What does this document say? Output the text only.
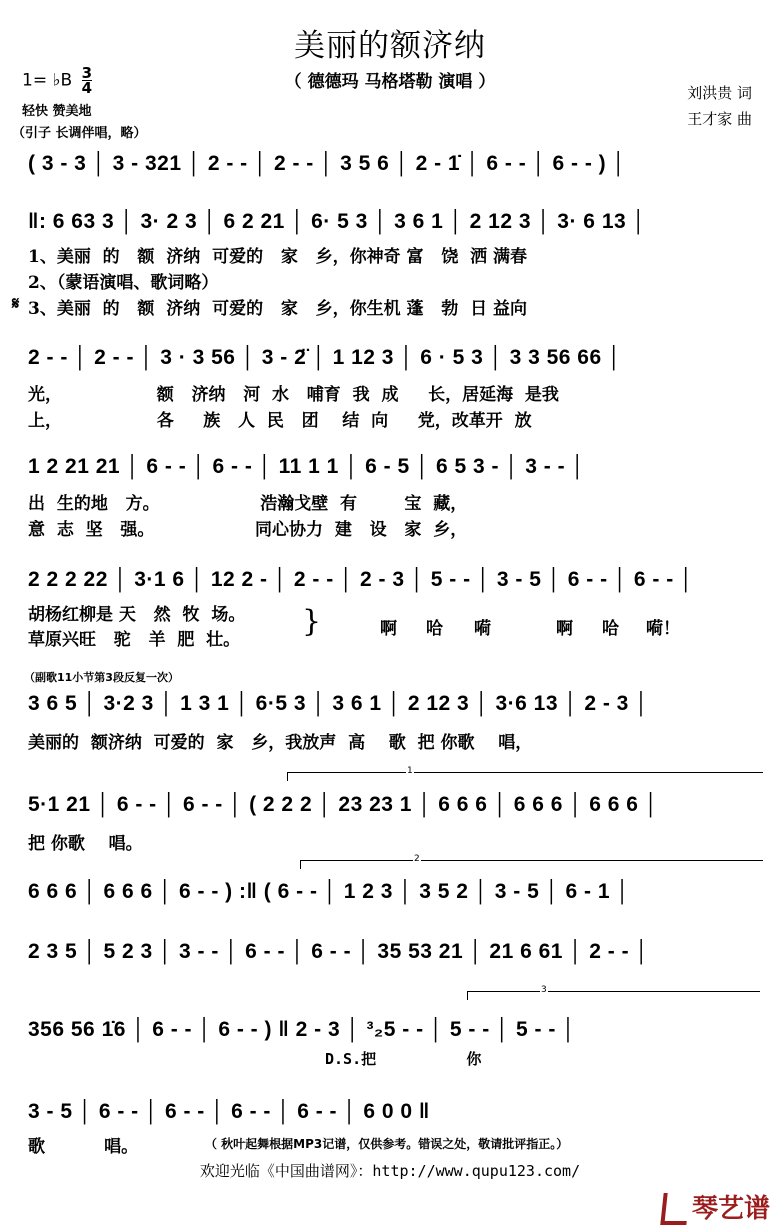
美丽的额济纳
（ 德德玛 马格塔勒 演唱 ）
1= ♭B $\frac{3}{4}$
轻快 赞美地
（引子 长调伴唱，略）
刘洪贵 词
王才家 曲
( 3 - 3 │ 3 - 321 │ 2 - - │ 2 - - │ 3 5 6 │ 2 - 1̇ │ 6 - - │ 6 - - ) │
‖: 6 63 3 │ 3· 2 3 │ 6 2 21 │ 6· 5 3 │ 3 6 1 │ 2 12 3 │ 3· 6 13 │
1、美丽  的   额  济纳  可爱的   家   乡，你神奇 富   饶  洒 满春
2、（蒙语演唱、歌词略）
𝄋 3、美丽  的   额  济纳  可爱的   家   乡，你生机 蓬   勃  日 益向
2 - - │ 2 - - │ 3 · 3 56 │ 3 - 2̈ │ 1 12 3 │ 6 · 5 3 │ 3 3 56 66 │
光，                额   济纳   河  水   哺育  我  成     长，居延海  是我
上，                各     族   人  民   团    结  向     党，改革开  放
1 2 21 21 │ 6 - - │ 6 - - │ 11 1 1 │ 6 - 5 │ 6 5 3 - │ 3 - - │
出  生的地   方。                 浩瀚戈壁  有        宝  藏，
意  志  坚   强。                 同心协力  建   设   家  乡，
2 2 2 22 │ 3·1 6 │ 12 2 - │ 2 - - │ 2 - 3 │ 5 - - │ 3 - 5 │ 6 - - │ 6 - - │
胡杨红柳是 天   然  牧  场。
草原兴旺   驼   羊  肥  壮。
}	啊 哈 嗬	啊 哈 嗬！
（副歌11小节第3段反复一次）
3 6 5 │ 3·2 3 │ 1 3 1 │ 6·5 3 │ 3 6 1 │ 2 12 3 │ 3·6 13 │ 2 - 3 │
美丽的  额济纳  可爱的  家   乡，我放声  高    歌  把 你歌    唱，
1
5·1 21 │ 6 - - │ 6 - - │ ( 2 2 2 │ 23 23 1 │ 6 6 6 │ 6 6 6 │ 6 6 6 │
把 你歌    唱。
2
6 6 6 │ 6 6 6 │ 6 - - ) :‖ ( 6 - - │ 1 2 3 │ 3 5 2 │ 3 - 5 │ 6 - 1 │
2 3 5 │ 5 2 3 │ 3 - - │ 6 - - │ 6 - - │ 35 53 21 │ 21 6 61 │ 2 - - │
3
356 56 1̇6 │ 6 - - │ 6 - - ) ‖ 2 - 3 │ ³₂5 - - │ 5 - - │ 5 - - │
D.S.把          你
3 - 5 │ 6 - - │ 6 - - │ 6 - - │ 6 - - │ 6 0 0 ‖
歌          唱。	（ 秋叶起舞根据MP3记谱，仅供参考。错误之处，敬请批评指正。）
欢迎光临《中国曲谱网》：http://www.qupu123.com/
琴艺谱
